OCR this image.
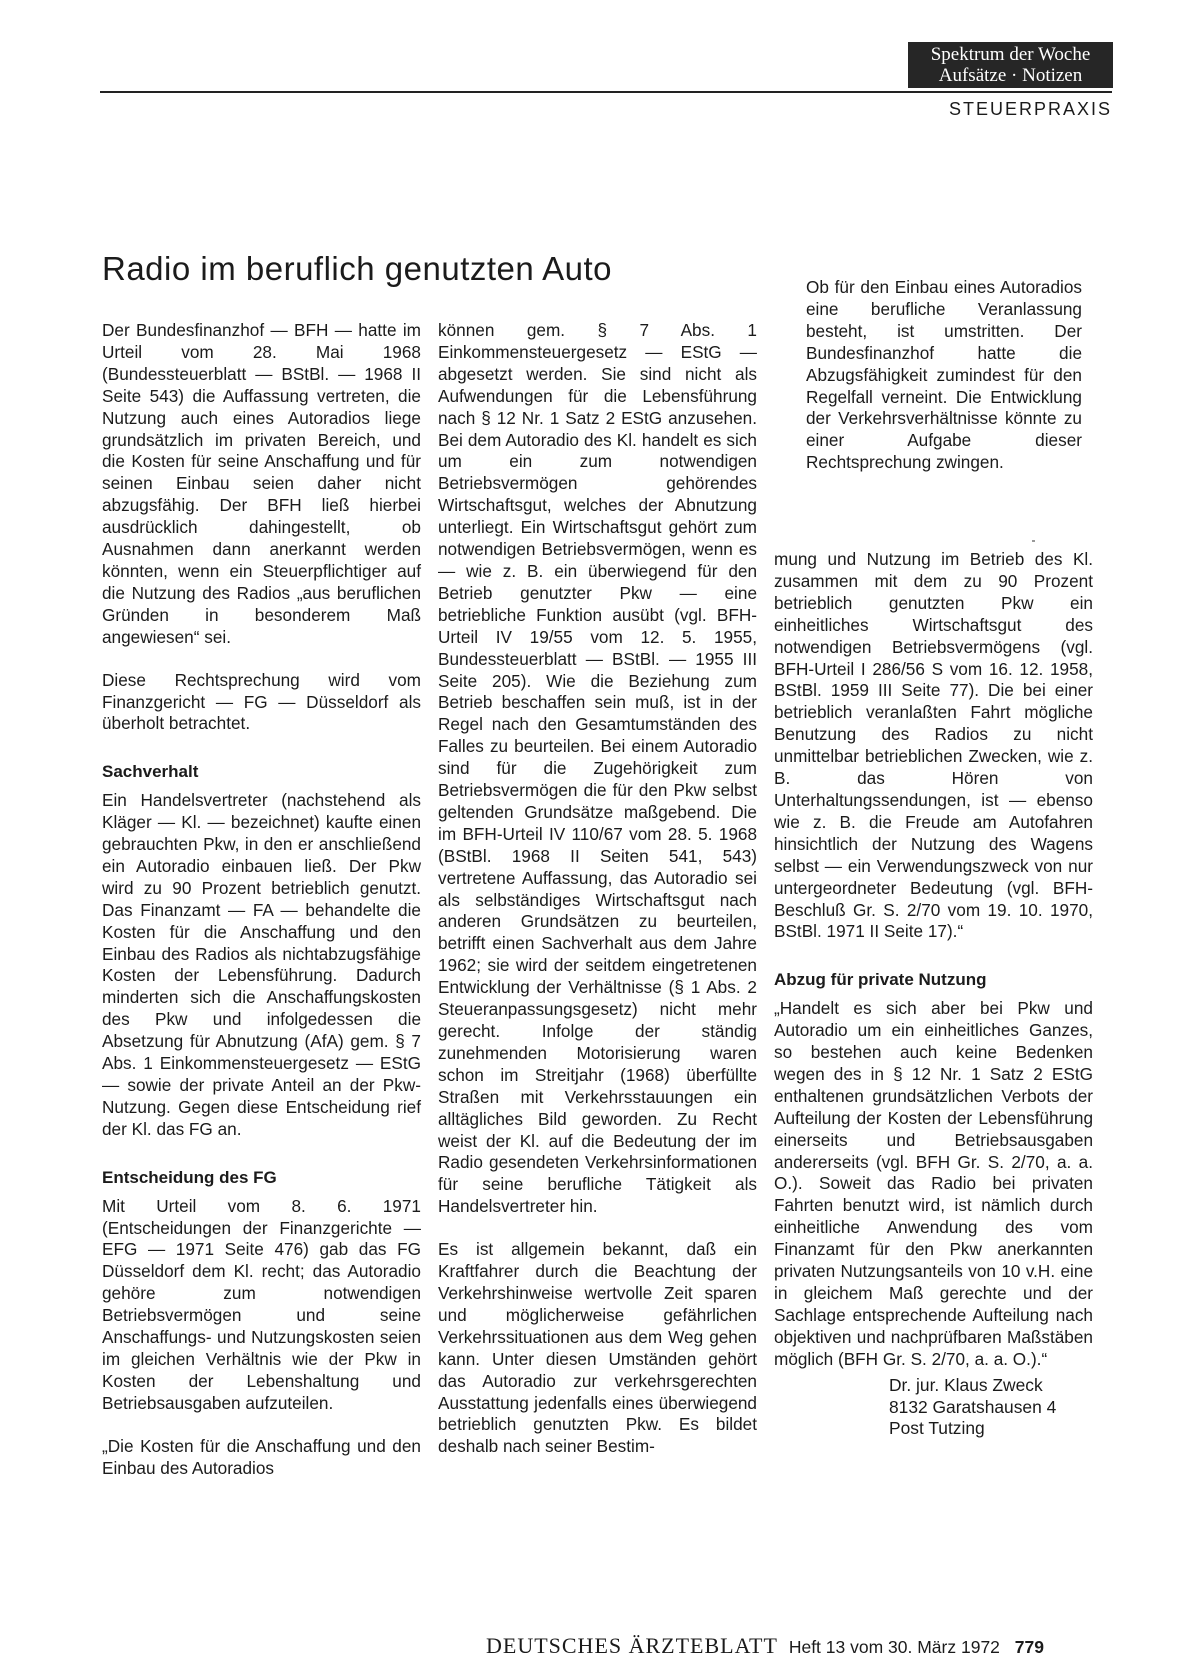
Spektrum der Woche
Aufsätze · Notizen
STEUERPRAXIS
Radio im beruflich genutzten Auto

Der Bundesfinanzhof — BFH — hatte im Urteil vom 28. Mai 1968 (Bundessteuerblatt — BStBl. — 1968 II Seite 543) die Auffassung vertreten, die Nutzung auch eines Autoradios liege grundsätzlich im privaten Bereich, und die Kosten für seine Anschaffung und für seinen Einbau seien daher nicht abzugsfähig. Der BFH ließ hierbei ausdrücklich dahingestellt, ob Ausnahmen dann anerkannt werden könnten, wenn ein Steuerpflichtiger auf die Nutzung des Radios „aus beruflichen Gründen in besonderem Maß angewiesen“ sei.

Diese Rechtsprechung wird vom Finanzgericht — FG — Düsseldorf als überholt betrachtet.

Sachverhalt

Ein Handelsvertreter (nachstehend als Kläger — Kl. — bezeichnet) kaufte einen gebrauchten Pkw, in den er anschließend ein Autoradio einbauen ließ. Der Pkw wird zu 90 Prozent betrieblich genutzt. Das Finanzamt — FA — behandelte die Kosten für die Anschaffung und den Einbau des Radios als nichtabzugsfähige Kosten der Lebensführung. Dadurch minderten sich die Anschaffungskosten des Pkw und infolgedessen die Absetzung für Abnutzung (AfA) gem. § 7 Abs. 1 Einkommensteuergesetz — EStG — sowie der private Anteil an der Pkw-Nutzung. Gegen diese Entscheidung rief der Kl. das FG an.

Entscheidung des FG

Mit Urteil vom 8. 6. 1971 (Entscheidungen der Finanzgerichte — EFG — 1971 Seite 476) gab das FG Düsseldorf dem Kl. recht; das Autoradio gehöre zum notwendigen Betriebsvermögen und seine Anschaffungs- und Nutzungskosten seien im gleichen Verhältnis wie der Pkw in Kosten der Lebenshaltung und Betriebsausgaben aufzuteilen.

„Die Kosten für die Anschaffung und den Einbau des Autoradios

können gem. § 7 Abs. 1 Einkommensteuergesetz — EStG — abgesetzt werden. Sie sind nicht als Aufwendungen für die Lebensführung nach § 12 Nr. 1 Satz 2 EStG anzusehen. Bei dem Autoradio des Kl. handelt es sich um ein zum notwendigen Betriebsvermögen gehörendes Wirtschaftsgut, welches der Abnutzung unterliegt. Ein Wirtschaftsgut gehört zum notwendigen Betriebsvermögen, wenn es — wie z. B. ein überwiegend für den Betrieb genutzter Pkw — eine betriebliche Funktion ausübt (vgl. BFH-Urteil IV 19/55 vom 12. 5. 1955, Bundessteuerblatt — BStBl. — 1955 III Seite 205). Wie die Beziehung zum Betrieb beschaffen sein muß, ist in der Regel nach den Gesamtumständen des Falles zu beurteilen. Bei einem Autoradio sind für die Zugehörigkeit zum Betriebsvermögen die für den Pkw selbst geltenden Grundsätze maßgebend. Die im BFH-Urteil IV 110/67 vom 28. 5. 1968 (BStBl. 1968 II Seiten 541, 543) vertretene Auffassung, das Autoradio sei als selbständiges Wirtschaftsgut nach anderen Grundsätzen zu beurteilen, betrifft einen Sachverhalt aus dem Jahre 1962; sie wird der seitdem eingetretenen Entwicklung der Verhältnisse (§ 1 Abs. 2 Steueranpassungsgesetz) nicht mehr gerecht. Infolge der ständig zunehmenden Motorisierung waren schon im Streitjahr (1968) überfüllte Straßen mit Verkehrsstauungen ein alltägliches Bild geworden. Zu Recht weist der Kl. auf die Bedeutung der im Radio gesendeten Verkehrsinformationen für seine berufliche Tätigkeit als Handelsvertreter hin.

Es ist allgemein bekannt, daß ein Kraftfahrer durch die Beachtung der Verkehrshinweise wertvolle Zeit sparen und möglicherweise gefährlichen Verkehrssituationen aus dem Weg gehen kann. Unter diesen Umständen gehört das Autoradio zur verkehrsgerechten Ausstattung jedenfalls eines überwiegend betrieblich genutzten Pkw. Es bildet deshalb nach seiner Bestim-

Ob für den Einbau eines Autoradios eine berufliche Veranlassung besteht, ist umstritten. Der Bundesfinanzhof hatte die Abzugsfähigkeit zumindest für den Regelfall verneint. Die Entwicklung der Verkehrsverhältnisse könnte zu einer Aufgabe dieser Rechtsprechung zwingen.

mung und Nutzung im Betrieb des Kl. zusammen mit dem zu 90 Prozent betrieblich genutzten Pkw ein einheitliches Wirtschaftsgut des notwendigen Betriebsvermögens (vgl. BFH-Urteil I 286/56 S vom 16. 12. 1958, BStBl. 1959 III Seite 77). Die bei einer betrieblich veranlaßten Fahrt mögliche Benutzung des Radios zu nicht unmittelbar betrieblichen Zwecken, wie z. B. das Hören von Unterhaltungssendungen, ist — ebenso wie z. B. die Freude am Autofahren hinsichtlich der Nutzung des Wagens selbst — ein Verwendungszweck von nur untergeordneter Bedeutung (vgl. BFH-Beschluß Gr. S. 2/70 vom 19. 10. 1970, BStBl. 1971 II Seite 17).“

Abzug für private Nutzung

„Handelt es sich aber bei Pkw und Autoradio um ein einheitliches Ganzes, so bestehen auch keine Bedenken wegen des in § 12 Nr. 1 Satz 2 EStG enthaltenen grundsätzlichen Verbots der Aufteilung der Kosten der Lebensführung einerseits und Betriebsausgaben andererseits (vgl. BFH Gr. S. 2/70, a. a. O.). Soweit das Radio bei privaten Fahrten benutzt wird, ist nämlich durch einheitliche Anwendung des vom Finanzamt für den Pkw anerkannten privaten Nutzungsanteils von 10 v.H. eine in gleichem Maß gerechte und der Sachlage entsprechende Aufteilung nach objektiven und nachprüfbaren Maßstäben möglich (BFH Gr. S. 2/70, a. a. O.).“

Dr. jur. Klaus Zweck
8132 Garatshausen 4
Post Tutzing

DEUTSCHES ÄRZTEBLATT Heft 13 vom 30. März 1972 779
